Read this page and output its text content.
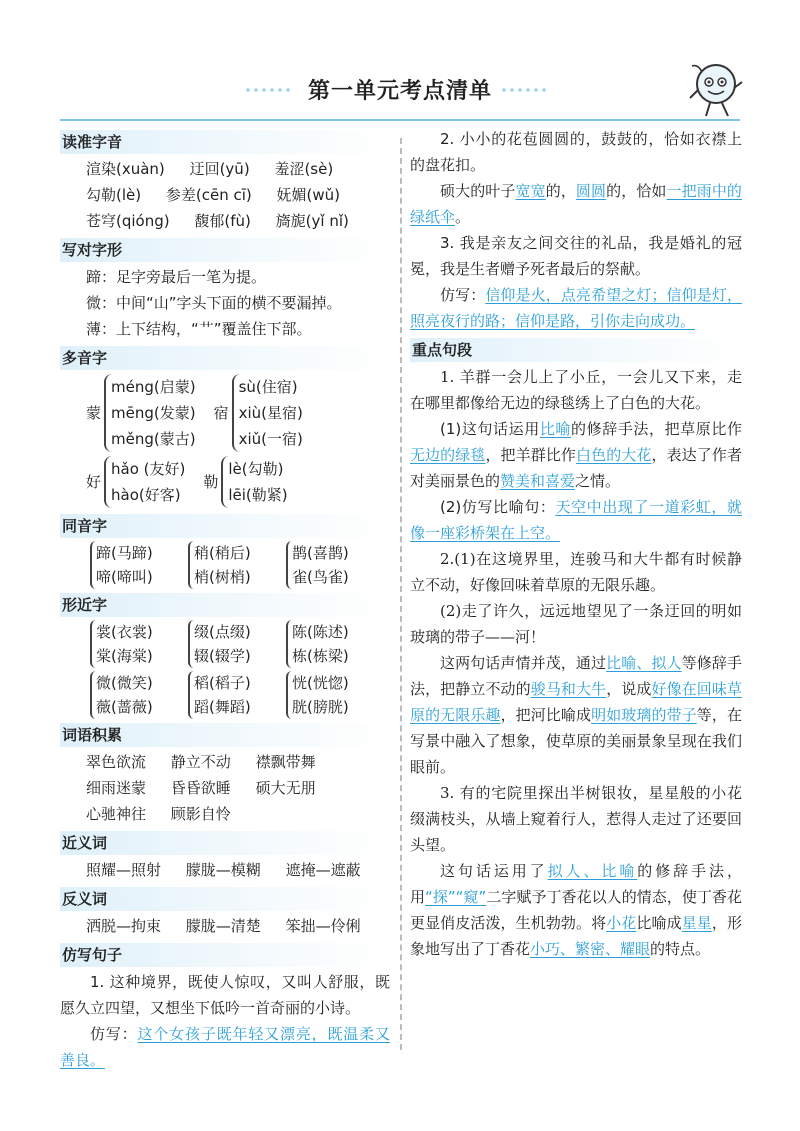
第一单元考点清单
读准字音
渲染(xuàn) 迂回(yū) 羞涩(sè)
勾勒(lè) 参差(cēn cī) 妩媚(wǔ)
苍穹(qióng) 馥郁(fù) 旖旎(yǐ nǐ)
写对字形
蹄：足字旁最后一笔为提。
微：中间“山”字头下面的横不要漏掉。
薄：上下结构，“艹”覆盖住下部。
多音字
蒙
méng(启蒙)
mēng(发蒙)
měng(蒙古)
宿
sù(住宿)
xiù(星宿)
xiǔ(一宿)
好
hǎo (友好)
hào(好客)
勒
lè(勾勒)
lēi(勒紧)
同音字
蹄(马蹄)
啼(啼叫)
稍(稍后)
梢(树梢)
鹊(喜鹊)
雀(鸟雀)
形近字
裳(衣裳)
棠(海棠)
缀(点缀)
辍(辍学)
陈(陈述)
栋(栋梁)
微(微笑)
薇(蔷薇)
稻(稻子)
蹈(舞蹈)
恍(恍惚)
胱(膀胱)
词语积累
翠色欲流 静立不动 襟飘带舞
细雨迷蒙 昏昏欲睡 硕大无朋
心驰神往 顾影自怜
近义词
照耀—照射 朦胧—模糊 遮掩—遮蔽
反义词
洒脱—拘束 朦胧—清楚 笨拙—伶俐
仿写句子
1. 这种境界，既使人惊叹，又叫人舒服，既愿久立四望，又想坐下低吟一首奇丽的小诗。
仿写：这个女孩子既年轻又漂亮，既温柔又善良。
2. 小小的花苞圆圆的，鼓鼓的，恰如衣襟上的盘花扣。
硕大的叶子宽宽的，圆圆的，恰如一把雨中的绿纸伞。
3. 我是亲友之间交往的礼品，我是婚礼的冠冕，我是生者赠予死者最后的祭献。
仿写：信仰是火，点亮希望之灯；信仰是灯，照亮夜行的路；信仰是路，引你走向成功。
重点句段
1. 羊群一会儿上了小丘，一会儿又下来，走在哪里都像给无边的绿毯绣上了白色的大花。
(1)这句话运用比喻的修辞手法，把草原比作无边的绿毯，把羊群比作白色的大花，表达了作者对美丽景色的赞美和喜爱之情。
(2)仿写比喻句：天空中出现了一道彩虹，就像一座彩桥架在上空。
2.(1)在这境界里，连骏马和大牛都有时候静立不动，好像回味着草原的无限乐趣。
(2)走了许久，远远地望见了一条迂回的明如玻璃的带子——河！
这两句话声情并茂，通过比喻、拟人等修辞手法，把静立不动的骏马和大牛，说成好像在回味草原的无限乐趣，把河比喻成明如玻璃的带子等，在写景中融入了想象，使草原的美丽景象呈现在我们眼前。
3. 有的宅院里探出半树银妆，星星般的小花缀满枝头，从墙上窥着行人，惹得人走过了还要回头望。
这句话运用了拟人、比喻的修辞手法，用“探”“窥”二字赋予丁香花以人的情态，使丁香花更显俏皮活泼，生机勃勃。将小花比喻成星星，形象地写出了丁香花小巧、繁密、耀眼的特点。
